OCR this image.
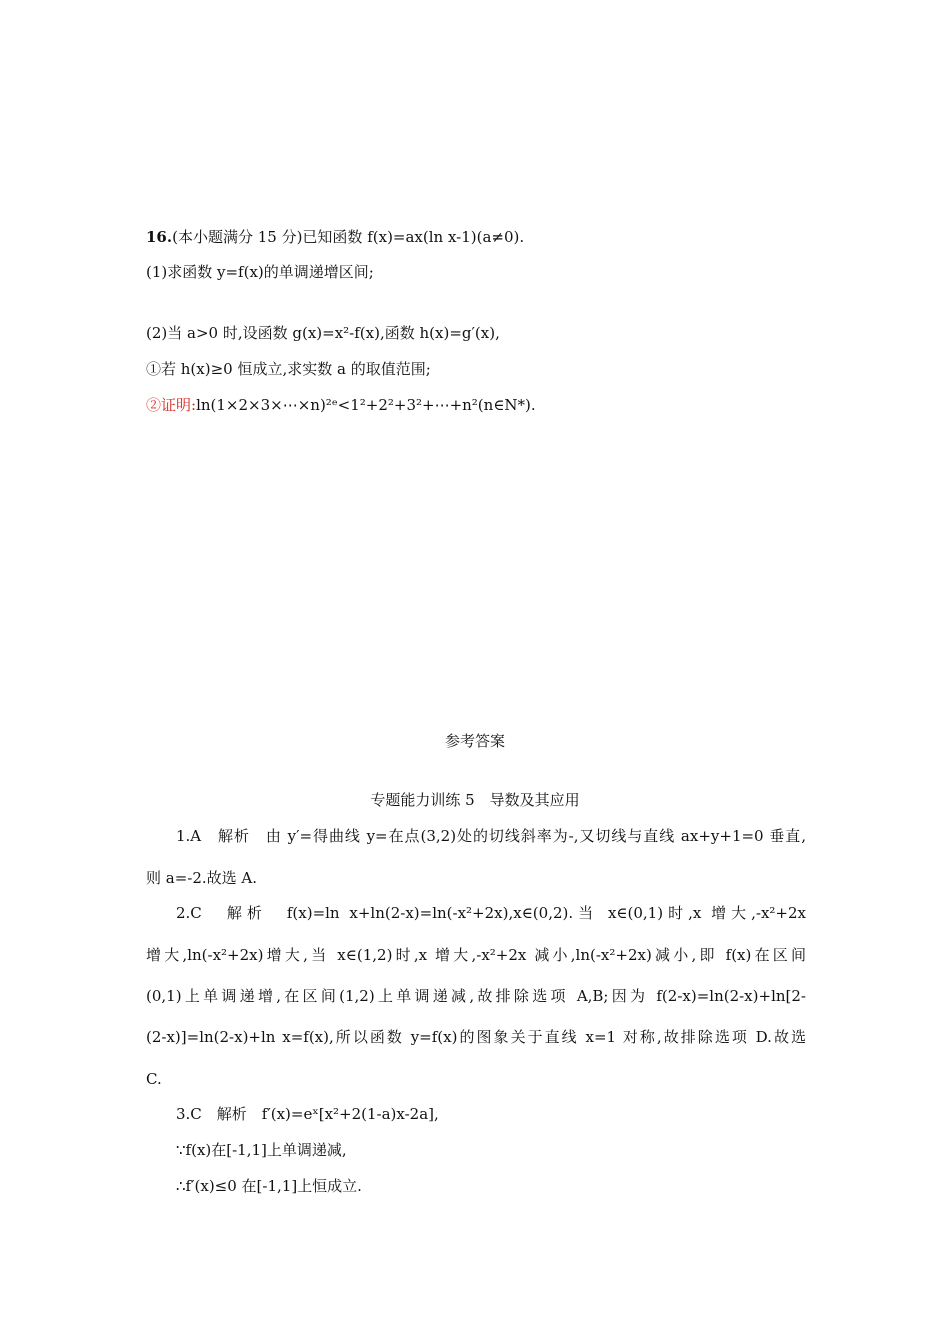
16.(本小题满分 15 分)已知函数 f(x)=ax(ln x-1)(a≠0).
(1)求函数 y=f(x)的单调递增区间;
(2)当 a>0 时,设函数 g(x)=x²-f(x),函数 h(x)=g′(x),
①若 h(x)≥0 恒成立,求实数 a 的取值范围;
②证明:ln(1×2×3×⋯×n)²ᵉ<1²+2²+3²+⋯+n²(n∈N*).
参考答案
专题能力训练 5　导数及其应用
1.A　解析　由 y′=得曲线 y=在点(3,2)处的切线斜率为-,又切线与直线 ax+y+1=0 垂直,
则 a=-2.故选 A.
2.C　解析　f(x)=ln x+ln(2-x)=ln(-x²+2x),x∈(0,2).当 x∈(0,1)时,x 增大,-x²+2x
增大,ln(-x²+2x)增大,当 x∈(1,2)时,x 增大,-x²+2x 减小,ln(-x²+2x)减小,即 f(x)在区间
(0,1)上单调递增,在区间(1,2)上单调递减,故排除选项 A,B;因为 f(2-x)=ln(2-x)+ln[2-
(2-x)]=ln(2-x)+ln x=f(x),所以函数 y=f(x)的图象关于直线 x=1 对称,故排除选项 D.故选
C.
3.C　解析　f′(x)=eˣ[x²+2(1-a)x-2a],
∵f(x)在[-1,1]上单调递减,
∴f′(x)≤0 在[-1,1]上恒成立.
